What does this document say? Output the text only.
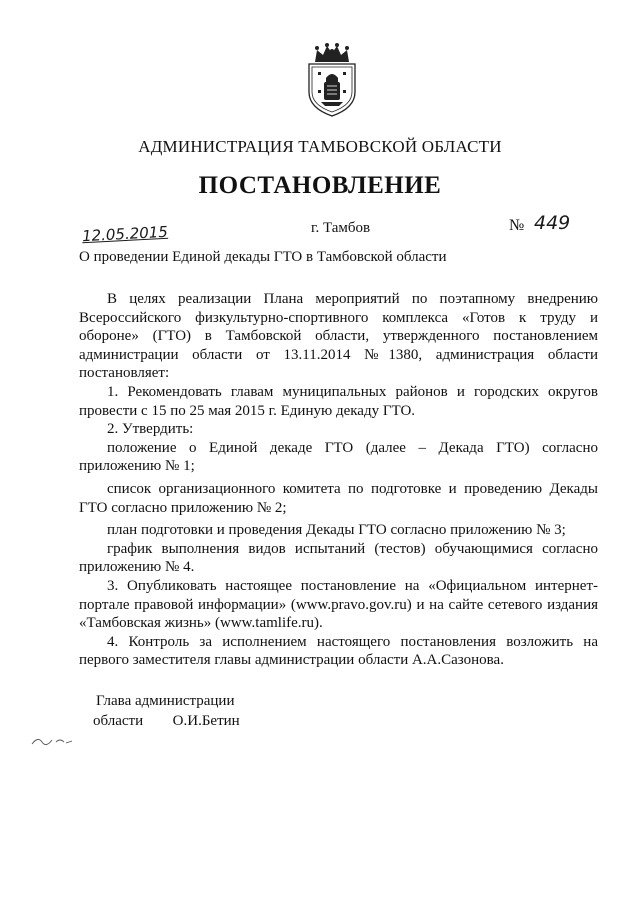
АДМИНИСТРАЦИЯ ТАМБОВСКОЙ ОБЛАСТИ
ПОСТАНОВЛЕНИЕ
12.05.2015	г. Тамбов	№ 449
О проведении Единой декады ГТО в Тамбовской области

В целях реализации Плана мероприятий по поэтапному внедрению Всероссийского физкультурно-спортивного комплекса «Готов к труду и обороне» (ГТО) в Тамбовской области, утвержденного постановлением администрации области от 13.11.2014 №1380, администрация области постановляет:

1. Рекомендовать главам муниципальных районов и городских округов провести с 15 по 25 мая 2015 г. Единую декаду ГТО.

2. Утвердить:

положение о Единой декаде ГТО (далее – Декада ГТО) согласно приложению № 1;

список организационного комитета по подготовке и проведению Декады ГТО согласно приложению № 2;

план подготовки и проведения Декады ГТО согласно приложению № 3;

график выполнения видов испытаний (тестов) обучающимися согласно приложению № 4.

3. Опубликовать настоящее постановление на «Официальном интернет-портале правовой информации» (www.pravo.gov.ru) и на сайте сетевого издания «Тамбовская жизнь» (www.tamlife.ru).

4. Контроль за исполнением настоящего постановления возложить на первого заместителя главы администрации области А.А.Сазонова.

Глава администрации
области О.И.Бетин
